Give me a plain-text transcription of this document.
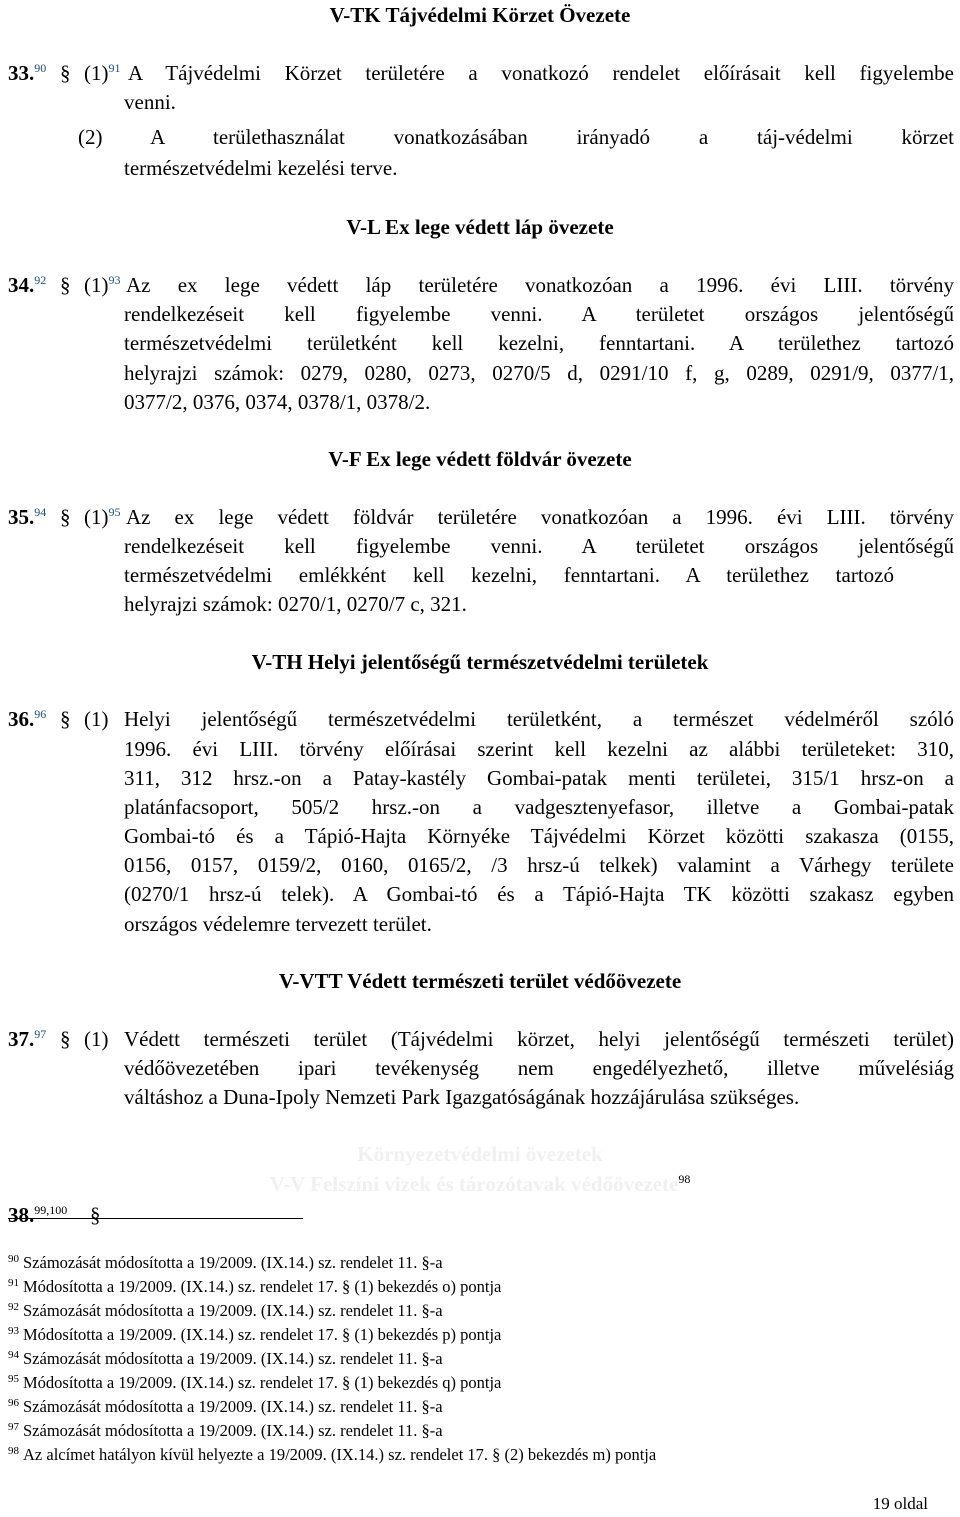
V-TK Tájvédelmi Körzet Övezete
33.90 § $(1)^{91}$ A Tájvédelmi Körzet területére a vonatkozó rendelet előírásait kell figyelembe
venni.
(2) A területhasználat vonatkozásában irányadó a táj-védelmi körzet
természetvédelmi kezelési terve.
V-L Ex lege védett láp övezete
34.92 § $(1)^{93}$ Az ex lege védett láp területére vonatkozóan a 1996. évi LIII. törvény
rendelkezéseit kell figyelembe venni. A területet országos jelentőségű
természetvédelmi területként kell kezelni, fenntartani. A területhez tartozó
helyrajzi számok: 0279, 0280, 0273, 0270/5 d, 0291/10 f, g, 0289, 0291/9, 0377/1,
0377/2, 0376, 0374, 0378/1, 0378/2.
V-F Ex lege védett földvár övezete
35.94 § $(1)^{95}$ Az ex lege védett földvár területére vonatkozóan a 1996. évi LIII. törvény
rendelkezéseit kell figyelembe venni. A területet országos jelentőségű
természetvédelmi emlékként kell kezelni, fenntartani. A területhez tartozó
helyrajzi számok: 0270/1, 0270/7 c, 321.
V-TH Helyi jelentőségű természetvédelmi területek
36.96 § (1) Helyi jelentőségű természetvédelmi területként, a természet védelméről szóló
1996. évi LIII. törvény előírásai szerint kell kezelni az alábbi területeket: 310,
311, 312 hrsz.-on a Patay-kastély Gombai-patak menti területei, 315/1 hrsz-on a
platánfacsoport, 505/2 hrsz.-on a vadgesztenyefasor, illetve a Gombai-patak
Gombai-tó és a Tápió-Hajta Környéke Tájvédelmi Körzet közötti szakasza (0155,
0156, 0157, 0159/2, 0160, 0165/2, /3 hrsz-ú telkek) valamint a Várhegy területe
(0270/1 hrsz-ú telek). A Gombai-tó és a Tápió-Hajta TK közötti szakasz egyben
országos védelemre tervezett terület.
V-VTT Védett természeti terület védőövezete
37.97 § (1) Védett természeti terület (Tájvédelmi körzet, helyi jelentőségű természeti terület)
védőövezetében ipari tevékenység nem engedélyezhető, illetve művelésiág
váltáshoz a Duna-Ipoly Nemzeti Park Igazgatóságának hozzájárulása szükséges.
Környezetvédelmi övezetek
V-V Felszíni vizek és tározótavak védőövezete$^{98}$
38.$^{99,100}$ §
$^{90}$ Számozását módosította a 19/2009. (IX.14.) sz. rendelet 11. §-a
$^{91}$ Módosította a 19/2009. (IX.14.) sz. rendelet 17. § (1) bekezdés o) pontja
$^{92}$ Számozását módosította a 19/2009. (IX.14.) sz. rendelet 11. §-a
$^{93}$ Módosította a 19/2009. (IX.14.) sz. rendelet 17. § (1) bekezdés p) pontja
$^{94}$ Számozását módosította a 19/2009. (IX.14.) sz. rendelet 11. §-a
$^{95}$ Módosította a 19/2009. (IX.14.) sz. rendelet 17. § (1) bekezdés q) pontja
$^{96}$ Számozását módosította a 19/2009. (IX.14.) sz. rendelet 11. §-a
$^{97}$ Számozását módosította a 19/2009. (IX.14.) sz. rendelet 11. §-a
$^{98}$ Az alcímet hatályon kívül helyezte a 19/2009. (IX.14.) sz. rendelet 17. § (2) bekezdés m) pontja
19 oldal
